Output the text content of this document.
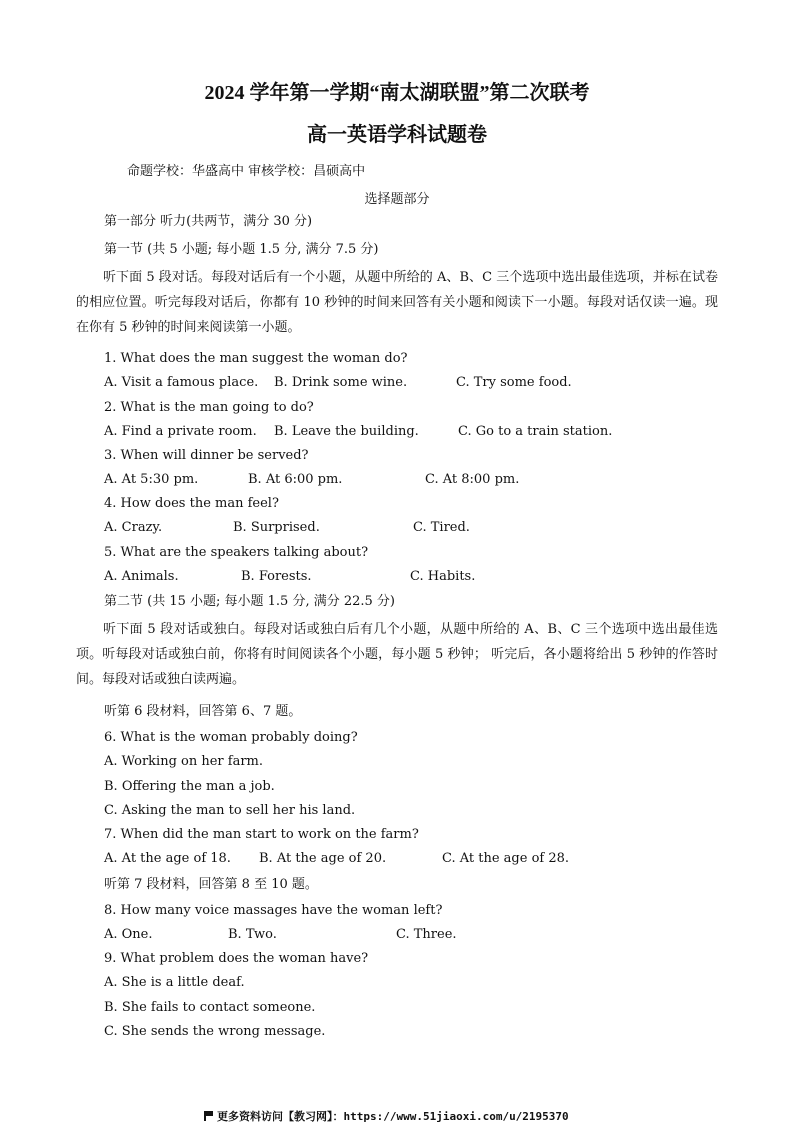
2024 学年第一学期“南太湖联盟”第二次联考
高一英语学科试题卷
命题学校：华盛高中 审核学校：昌硕高中
选择题部分
第一部分 听力(共两节，满分 30 分)
第一节 (共 5 小题; 每小题 1.5 分, 满分 7.5 分)
听下面 5 段对话。每段对话后有一个小题，从题中所给的 A、B、C 三个选项中选出最佳选项，并标在试卷的相应位置。听完每段对话后，你都有 10 秒钟的时间来回答有关小题和阅读下一小题。每段对话仅读一遍。现在你有 5 秒钟的时间来阅读第一小题。
1. What does the man suggest the woman do?
A. Visit a famous place. B. Drink some wine.	C. Try some food.
2. What is the man going to do?
A. Find a private room. B. Leave the building.	C. Go to a train station.
3. When will dinner be served?
A. At 5:30 pm.	B. At 6:00 pm.	C. At 8:00 pm.
4. How does the man feel?
A. Crazy.	B. Surprised.	C. Tired.
5. What are the speakers talking about?
A. Animals.	B. Forests.	C. Habits.
第二节 (共 15 小题; 每小题 1.5 分, 满分 22.5 分)
听下面 5 段对话或独白。每段对话或独白后有几个小题，从题中所给的 A、B、C 三个选项中选出最佳选项。听每段对话或独白前，你将有时间阅读各个小题，每小题 5 秒钟； 听完后，各小题将给出 5 秒钟的作答时间。每段对话或独白读两遍。
听第 6 段材料，回答第 6、7 题。
6. What is the woman probably doing?
A. Working on her farm.
B. Offering the man a job.
C. Asking the man to sell her his land.
7. When did the man start to work on the farm?
A. At the age of 18. B. At the age of 20.	C. At the age of 28.
听第 7 段材料，回答第 8 至 10 题。
8. How many voice massages have the woman left?
A. One.	B. Two.	C. Three.
9. What problem does the woman have?
A. She is a little deaf.
B. She fails to contact someone.
C. She sends the wrong message.
更多资料访问【教习网】：https://www.51jiaoxi.com/u/2195370
